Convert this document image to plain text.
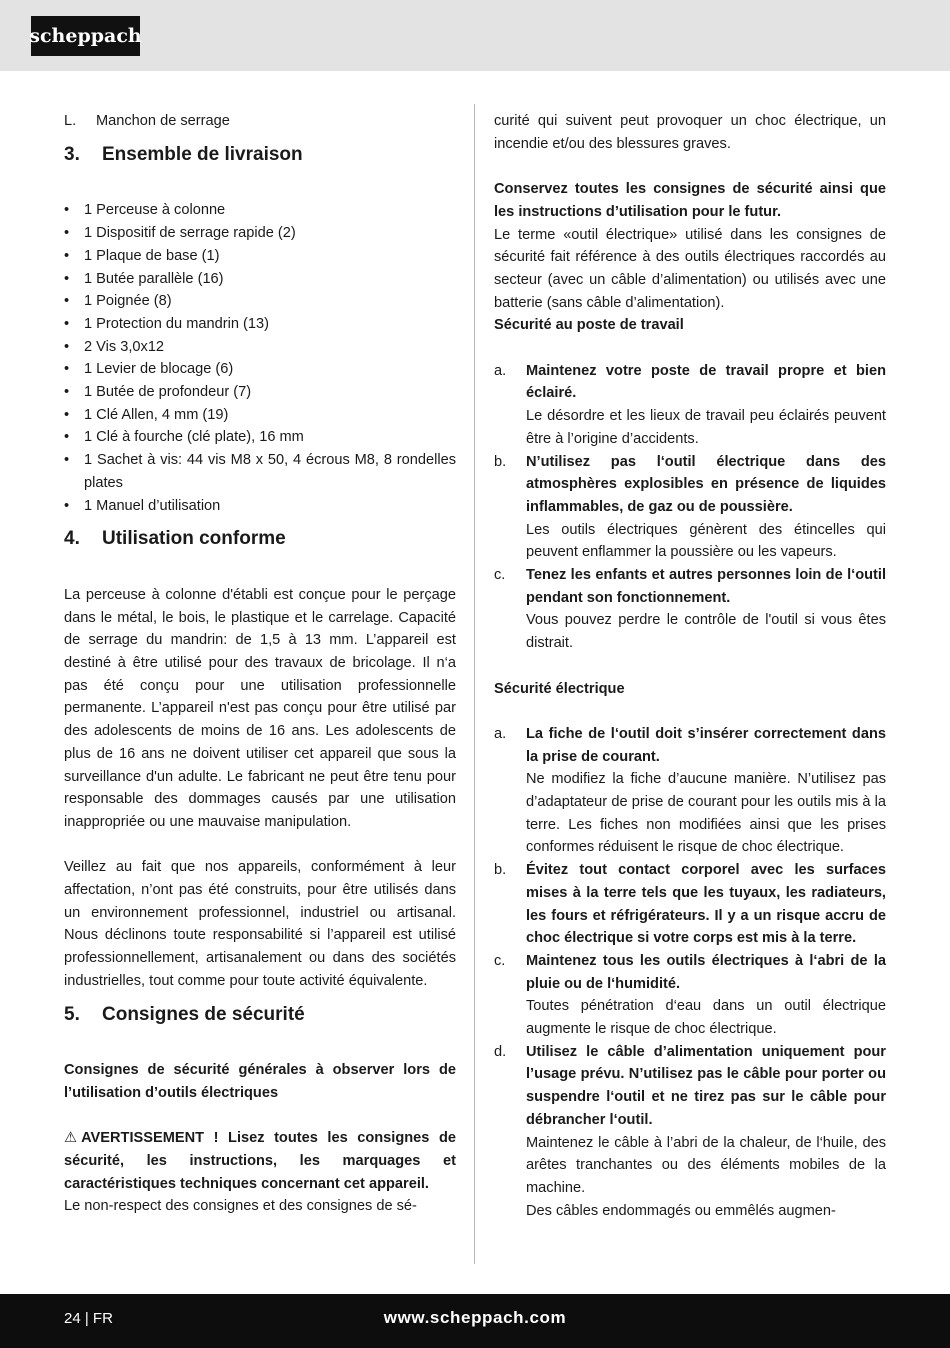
scheppach
L.	Manchon de serrage
3. Ensemble de livraison
• 1 Perceuse à colonne
• 1 Dispositif de serrage rapide (2)
• 1 Plaque de base (1)
• 1 Butée parallèle (16)
• 1 Poignée (8)
• 1 Protection du mandrin (13)
• 2 Vis 3,0x12
• 1 Levier de blocage (6)
• 1 Butée de profondeur (7)
• 1 Clé Allen, 4 mm (19)
• 1 Clé à fourche (clé plate), 16 mm
• 1 Sachet à vis: 44 vis M8 x 50, 4 écrous M8, 8 rondelles plates
• 1 Manuel d’utilisation
4. Utilisation conforme

La perceuse à colonne d'établi est conçue pour le perçage dans le métal, le bois, le plastique et le carrelage. Capacité de serrage du mandrin: de 1,5 à 13 mm. L’appareil est destiné à être utilisé pour des travaux de bricolage. Il n‘a pas été conçu pour une utilisation professionnelle permanente. L’appareil n'est pas conçu pour être utilisé par des adolescents de moins de 16 ans. Les adolescents de plus de 16 ans ne doivent utiliser cet appareil que sous la surveillance d'un adulte. Le fabricant ne peut être tenu pour responsable des dommages causés par une utilisation inappropriée ou une mauvaise manipulation.

Veillez au fait que nos appareils, conformément à leur affectation, n’ont pas été construits, pour être utilisés dans un environnement professionnel, industriel ou artisanal. Nous déclinons toute responsabilité si l’appareil est utilisé professionnellement, artisanalement ou dans des sociétés industrielles, tout comme pour toute activité équivalente.

5. Consignes de sécurité

Consignes de sécurité générales à observer lors de l’utilisation d’outils électriques

⚠ AVERTISSEMENT ! Lisez toutes les consignes de sécurité, les instructions, les marquages et caractéristiques techniques concernant cet appareil.

Le non-respect des consignes et des consignes de sé-

curité qui suivent peut provoquer un choc électrique, un incendie et/ou des blessures graves.

Conservez toutes les consignes de sécurité ainsi que les instructions d’utilisation pour le futur.

Le terme «outil électrique» utilisé dans les consignes de sécurité fait référence à des outils électriques raccordés au secteur (avec un câble d’alimentation) ou utilisés avec une batterie (sans câble d’alimentation).

Sécurité au poste de travail

a.	Maintenez votre poste de travail propre et bien éclairé.
Le désordre et les lieux de travail peu éclairés peuvent être à l’origine d’accidents.
b.	N’utilisez pas l‘outil électrique dans des atmosphères explosibles en présence de liquides inflammables, de gaz ou de poussière.
Les outils électriques génèrent des étincelles qui peuvent enflammer la poussière ou les vapeurs.
c.	Tenez les enfants et autres personnes loin de l‘outil pendant son fonctionnement.
Vous pouvez perdre le contrôle de l'outil si vous êtes distrait.

Sécurité électrique

a.	La fiche de l‘outil doit s’insérer correctement dans la prise de courant.
Ne modifiez la fiche d’aucune manière. N’utilisez pas d’adaptateur de prise de courant pour les outils mis à la terre. Les fiches non modifiées ainsi que les prises conformes réduisent le risque de choc électrique.
b.	Évitez tout contact corporel avec les surfaces mises à la terre tels que les tuyaux, les radiateurs, les fours et réfrigérateurs. Il y a un risque accru de choc électrique si votre corps est mis à la terre.
c.	Maintenez tous les outils électriques à l‘abri de la pluie ou de l‘humidité.
Toutes pénétration d‘eau dans un outil électrique augmente le risque de choc électrique.
d.	Utilisez le câble d’alimentation uniquement pour l’usage prévu. N’utilisez pas le câble pour porter ou suspendre l‘outil et ne tirez pas sur le câble pour débrancher l‘outil.
Maintenez le câble à l’abri de la chaleur, de l‘huile, des arêtes tranchantes ou des éléments mobiles de la machine.
Des câbles endommagés ou emmêlés augmen-
24 | FR	www.scheppach.com
